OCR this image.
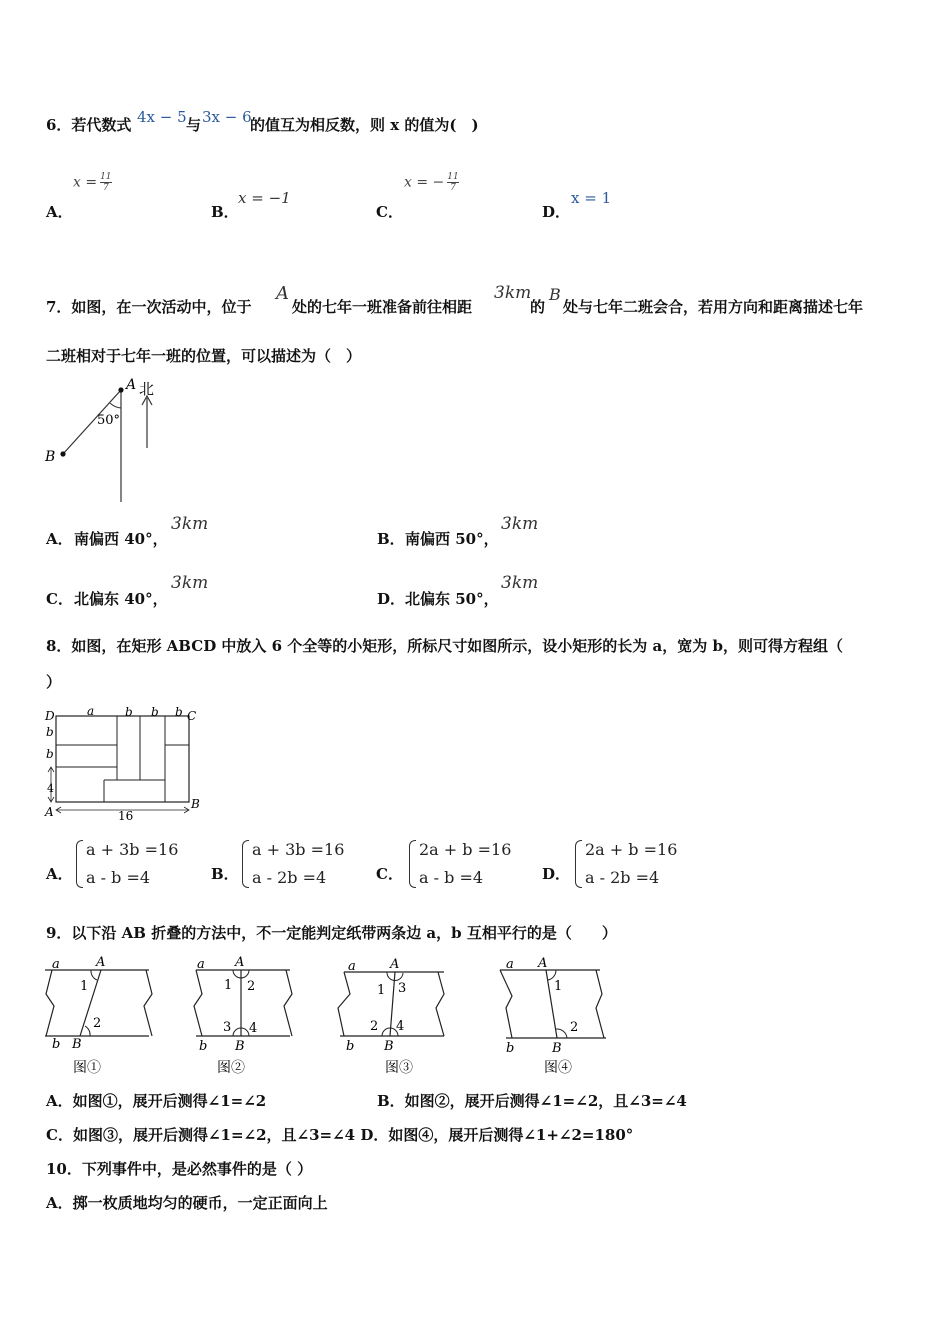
6．若代数式 4x − 5 与 3x − 6
的值互为相反数，则 x 的值为(　)
A．
$x = \frac{11}{7}$
B．
x = −1
C．
x = − $\frac{11}{7}$
D．
x = 1
7．如图，在一次活动中，位于
A
处的七年一班准备前往相距
3km
的
B
处与七年二班会合，若用方向和距离描述七年
二班相对于七年一班的位置，可以描述为（　）
A
B
北
50°
A． 南偏西 40°，
3km
B． 南偏西 50°，
3km
C． 北偏东 40°，
3km
D． 北偏东 50°，
3km
8．如图，在矩形 ABCD 中放入 6 个全等的小矩形，所标尺寸如图所示，设小矩形的长为 a，宽为 b，则可得方程组（
）
D	C
A
B
a	b b b
b
b
4
16
A．
a + 3b =16
a - b =4	B．
a + 3b =16
a - 2b =4	C．
2a + b =16
a - b =4	D．
2a + b =16
a - 2b =4
9．以下沿 AB 折叠的方法中，不一定能判定纸带两条边 a，b 互相平行的是（　　）
a	A
b B
1
2
图①
a A
b B
1 2
3 4
图②
a	A
b B
1 3
2 4
图③
a A
b	B
1
2
图④
A．如图①，展开后测得∠1=∠2	B．如图②，展开后测得∠1=∠2，且∠3=∠4
C．如图③，展开后测得∠1=∠2，且∠3=∠4 D．如图④，展开后测得∠1+∠2=180°
10．下列事件中，是必然事件的是（ ）
A．掷一枚质地均匀的硬币，一定正面向上
